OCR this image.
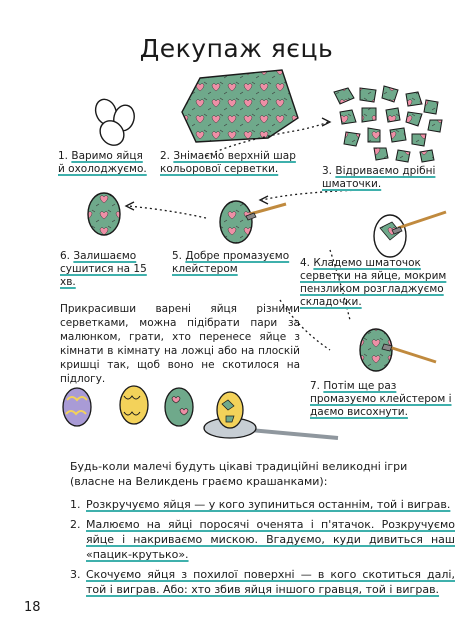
Декупаж яєць
1. Варимо яйця й охолоджуємо.
2. Знімаємо верхній шар кольорової серветки.	3. Відриваємо дрібні шматочки.
4. Кладемо шматочок серветки на яйце, мокрим пензликом розгладжуємо складочки.
5. Добре промазуємо клейстером
6. Залишаємо сушитися на 15 хв.
7. Потім ще раз промазуємо клейстером і даємо висохнути.
Прикрасивши варені яйця різними серветками, можна підібрати пари за малюнком, грати, хто перенесе яйце з кімнати в кімнату на ложці або на плоскій кришці так, щоб воно не скотилося на підлогу.
Будь-коли малечі будуть цікаві традиційні великодні ігри (власне на Великдень граємо крашанками):
1. Розкручуємо яйця — у кого зупиниться останнім, той і виграв.
2. Малюємо на яйці поросячі оченята і п'ятачок. Розкручуємо яйце і накриваємо мискою. Вгадуємо, куди дивиться наш «пацик-крутько».
3. Скочуємо яйця з похилої поверхні — в кого скотиться далі, той і виграв. Або: хто збив яйця іншого гравця, той і виграв.
18
